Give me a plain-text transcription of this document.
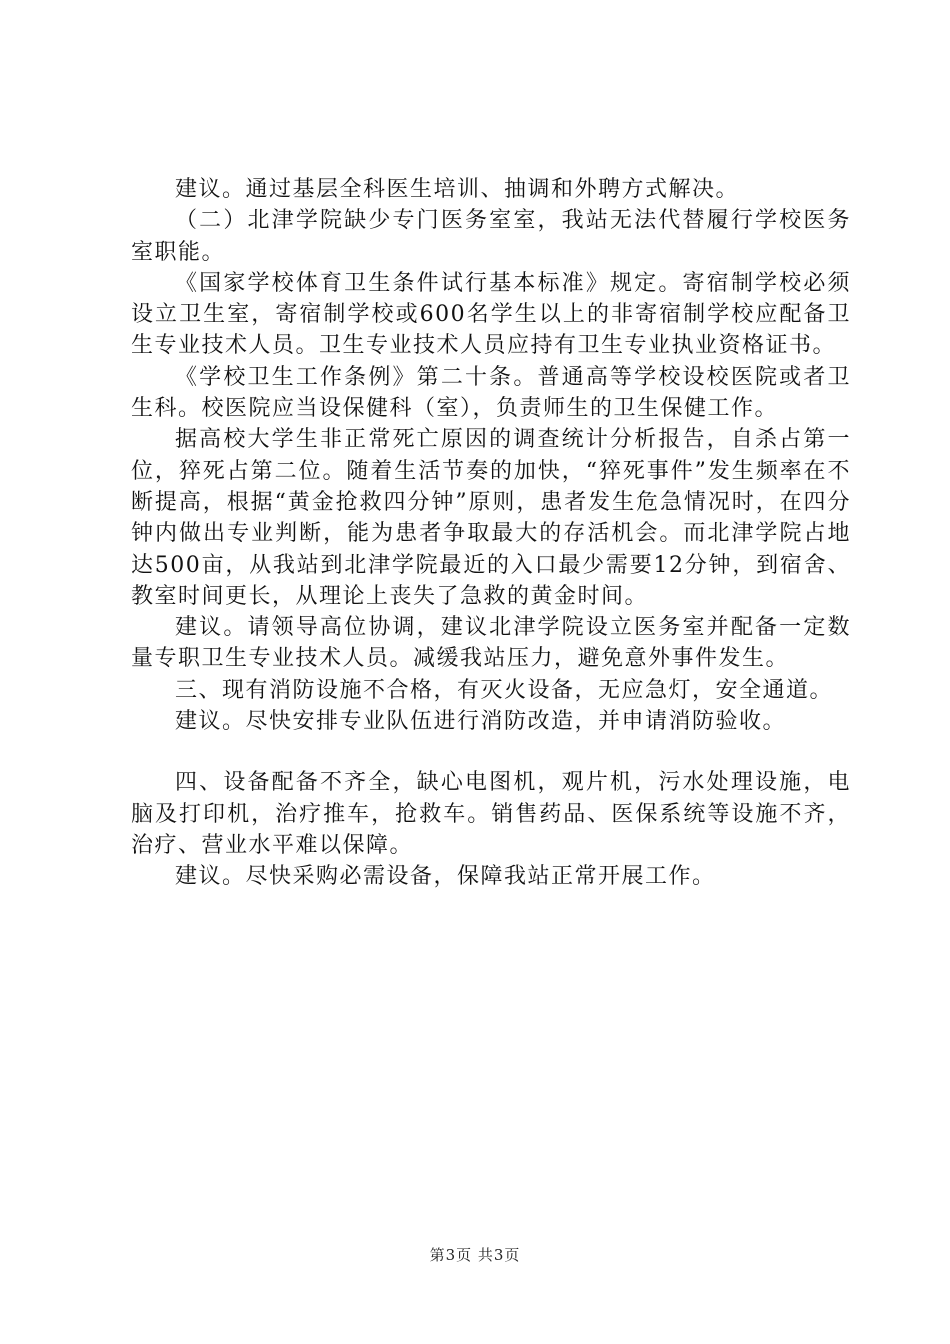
建议。通过基层全科医生培训、抽调和外聘方式解决。

（二）北津学院缺少专门医务室室，我站无法代替履行学校医务室职能。

《国家学校体育卫生条件试行基本标准》规定。寄宿制学校必须设立卫生室，寄宿制学校或600名学生以上的非寄宿制学校应配备卫生专业技术人员。卫生专业技术人员应持有卫生专业执业资格证书。

《学校卫生工作条例》第二十条。普通高等学校设校医院或者卫生科。校医院应当设保健科（室），负责师生的卫生保健工作。

据高校大学生非正常死亡原因的调查统计分析报告，自杀占第一位，猝死占第二位。随着生活节奏的加快，“猝死事件”发生频率在不断提高，根据“黄金抢救四分钟”原则，患者发生危急情况时，在四分钟内做出专业判断，能为患者争取最大的存活机会。而北津学院占地达500亩，从我站到北津学院最近的入口最少需要12分钟，到宿舍、教室时间更长，从理论上丧失了急救的黄金时间。

建议。请领导高位协调，建议北津学院设立医务室并配备一定数量专职卫生专业技术人员。减缓我站压力，避免意外事件发生。

三、现有消防设施不合格，有灭火设备，无应急灯，安全通道。

建议。尽快安排专业队伍进行消防改造，并申请消防验收。

四、设备配备不齐全，缺心电图机，观片机，污水处理设施，电脑及打印机，治疗推车，抢救车。销售药品、医保系统等设施不齐，治疗、营业水平难以保障。

建议。尽快采购必需设备，保障我站正常开展工作。

第3页 共3页
